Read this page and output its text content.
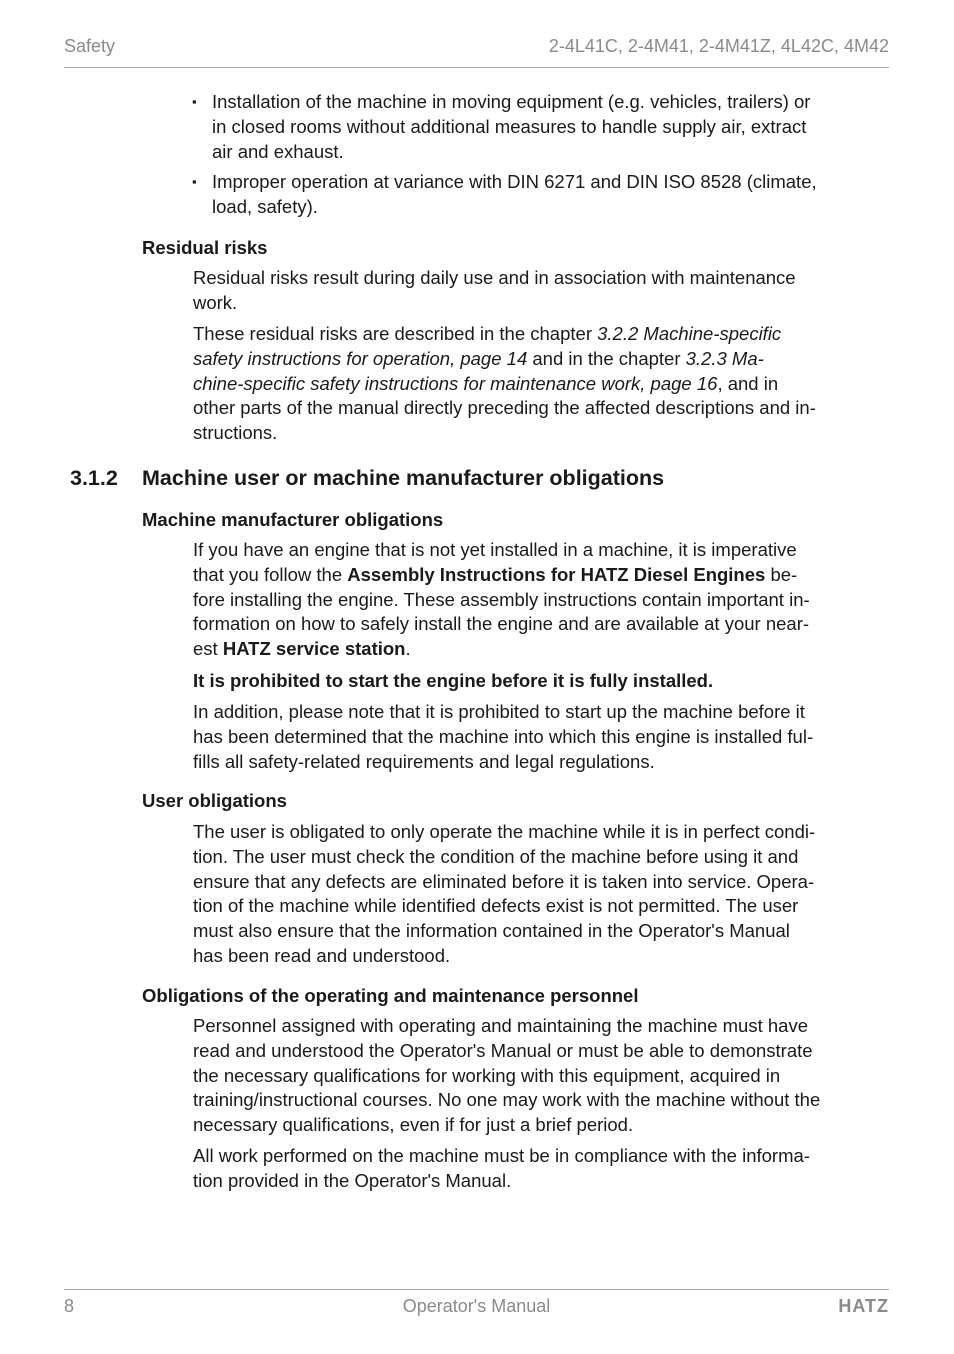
Safety	2-4L41C, 2-4M41, 2-4M41Z, 4L42C, 4M42
▪ Installation of the machine in moving equipment (e.g. vehicles, trailers) or
in closed rooms without additional measures to handle supply air, extract
air and exhaust.
▪ Improper operation at variance with DIN 6271 and DIN ISO 8528 (climate,
load, safety).
Residual risks
Residual risks result during daily use and in association with maintenance
work.
These residual risks are described in the chapter 3.2.2 Machine-specific
safety instructions for operation, page 14 and in the chapter 3.2.3 Ma-
chine-specific safety instructions for maintenance work, page 16, and in
other parts of the manual directly preceding the affected descriptions and in-
structions.
3.1.2 Machine user or machine manufacturer obligations
Machine manufacturer obligations
If you have an engine that is not yet installed in a machine, it is imperative
that you follow the Assembly Instructions for HATZ Diesel Engines be-
fore installing the engine. These assembly instructions contain important in-
formation on how to safely install the engine and are available at your near-
est HATZ service station.
It is prohibited to start the engine before it is fully installed.
In addition, please note that it is prohibited to start up the machine before it
has been determined that the machine into which this engine is installed ful-
fills all safety-related requirements and legal regulations.
User obligations
The user is obligated to only operate the machine while it is in perfect condi-
tion. The user must check the condition of the machine before using it and
ensure that any defects are eliminated before it is taken into service. Opera-
tion of the machine while identified defects exist is not permitted. The user
must also ensure that the information contained in the Operator's Manual
has been read and understood.
Obligations of the operating and maintenance personnel
Personnel assigned with operating and maintaining the machine must have
read and understood the Operator's Manual or must be able to demonstrate
the necessary qualifications for working with this equipment, acquired in
training/instructional courses. No one may work with the machine without the
necessary qualifications, even if for just a brief period.
All work performed on the machine must be in compliance with the informa-
tion provided in the Operator's Manual.
8	Operator's Manual	HATZ
